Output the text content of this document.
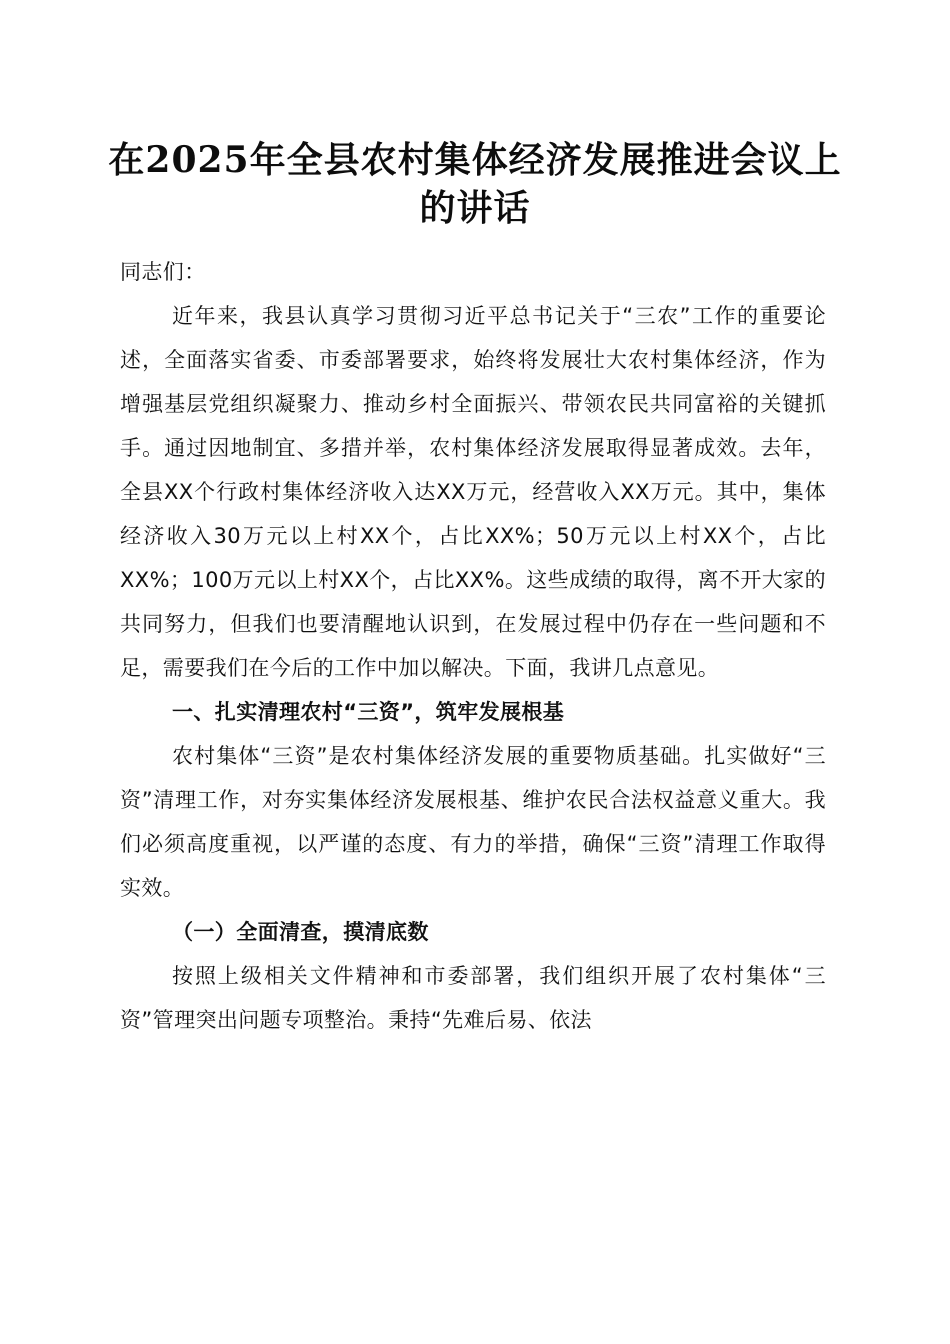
在2025年全县农村集体经济发展推进会议上的讲话

同志们：

近年来，我县认真学习贯彻习近平总书记关于“三农”工作的重要论述，全面落实省委、市委部署要求，始终将发展壮大农村集体经济，作为增强基层党组织凝聚力、推动乡村全面振兴、带领农民共同富裕的关键抓手。通过因地制宜、多措并举，农村集体经济发展取得显著成效。去年，全县XX个行政村集体经济收入达XX万元，经营收入XX万元。其中，集体经济收入30万元以上村XX个，占比XX%；50万元以上村XX个，占比XX%；100万元以上村XX个，占比XX%。这些成绩的取得，离不开大家的共同努力，但我们也要清醒地认识到，在发展过程中仍存在一些问题和不足，需要我们在今后的工作中加以解决。下面，我讲几点意见。

一、扎实清理农村“三资”，筑牢发展根基

农村集体“三资”是农村集体经济发展的重要物质基础。扎实做好“三资”清理工作，对夯实集体经济发展根基、维护农民合法权益意义重大。我们必须高度重视，以严谨的态度、有力的举措，确保“三资”清理工作取得实效。

（一）全面清查，摸清底数

按照上级相关文件精神和市委部署，我们组织开展了农村集体“三资”管理突出问题专项整治。秉持“先难后易、依法
